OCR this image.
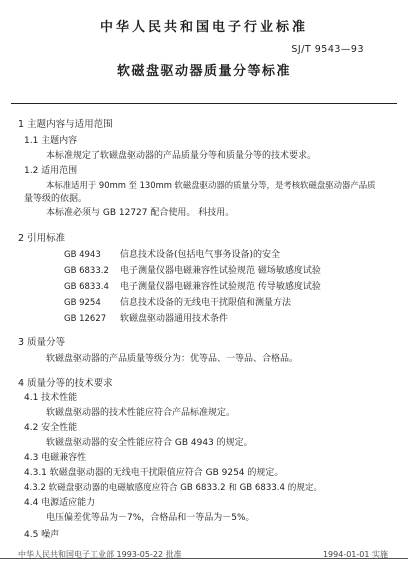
中华人民共和国电子行业标准
SJ/T 9543—93
软磁盘驱动器质量分等标准
1 主题内容与适用范围
1.1 主题内容
本标准规定了软磁盘驱动器的产品质量分等和质量分等的技术要求。
1.2 适用范围
本标准适用于 90mm 至 130mm 软磁盘驱动器的质量分等，是考核软磁盘驱动器产品质
量等级的依据。
本标准必须与 GB 12727 配合使用。 科技用。
2 引用标准
GB 4943 信息技术设备(包括电气事务设备)的安全
GB 6833.2 电子测量仪器电磁兼容性试验规范 磁场敏感度试验
GB 6833.4 电子测量仪器电磁兼容性试验规范 传导敏感度试验
GB 9254 信息技术设备的无线电干扰限值和测量方法
GB 12627 软磁盘驱动器通用技术条件
3 质量分等
软磁盘驱动器的产品质量等级分为：优等品、一等品、合格品。
4 质量分等的技术要求
4.1 技术性能
软磁盘驱动器的技术性能应符合产品标准规定。
4.2 安全性能
软磁盘驱动器的安全性能应符合 GB 4943 的规定。
4.3 电磁兼容性
4.3.1 软磁盘驱动器的无线电干扰限值应符合 GB 9254 的规定。
4.3.2 软磁盘驱动器的电磁敏感度应符合 GB 6833.2 和 GB 6833.4 的规定。
4.4 电源适应能力
电压偏差优等品为－7%，合格品和一等品为－5%。
4.5 噪声
中华人民共和国电子工业部 1993-05-22 批准	1994-01-01 实施
